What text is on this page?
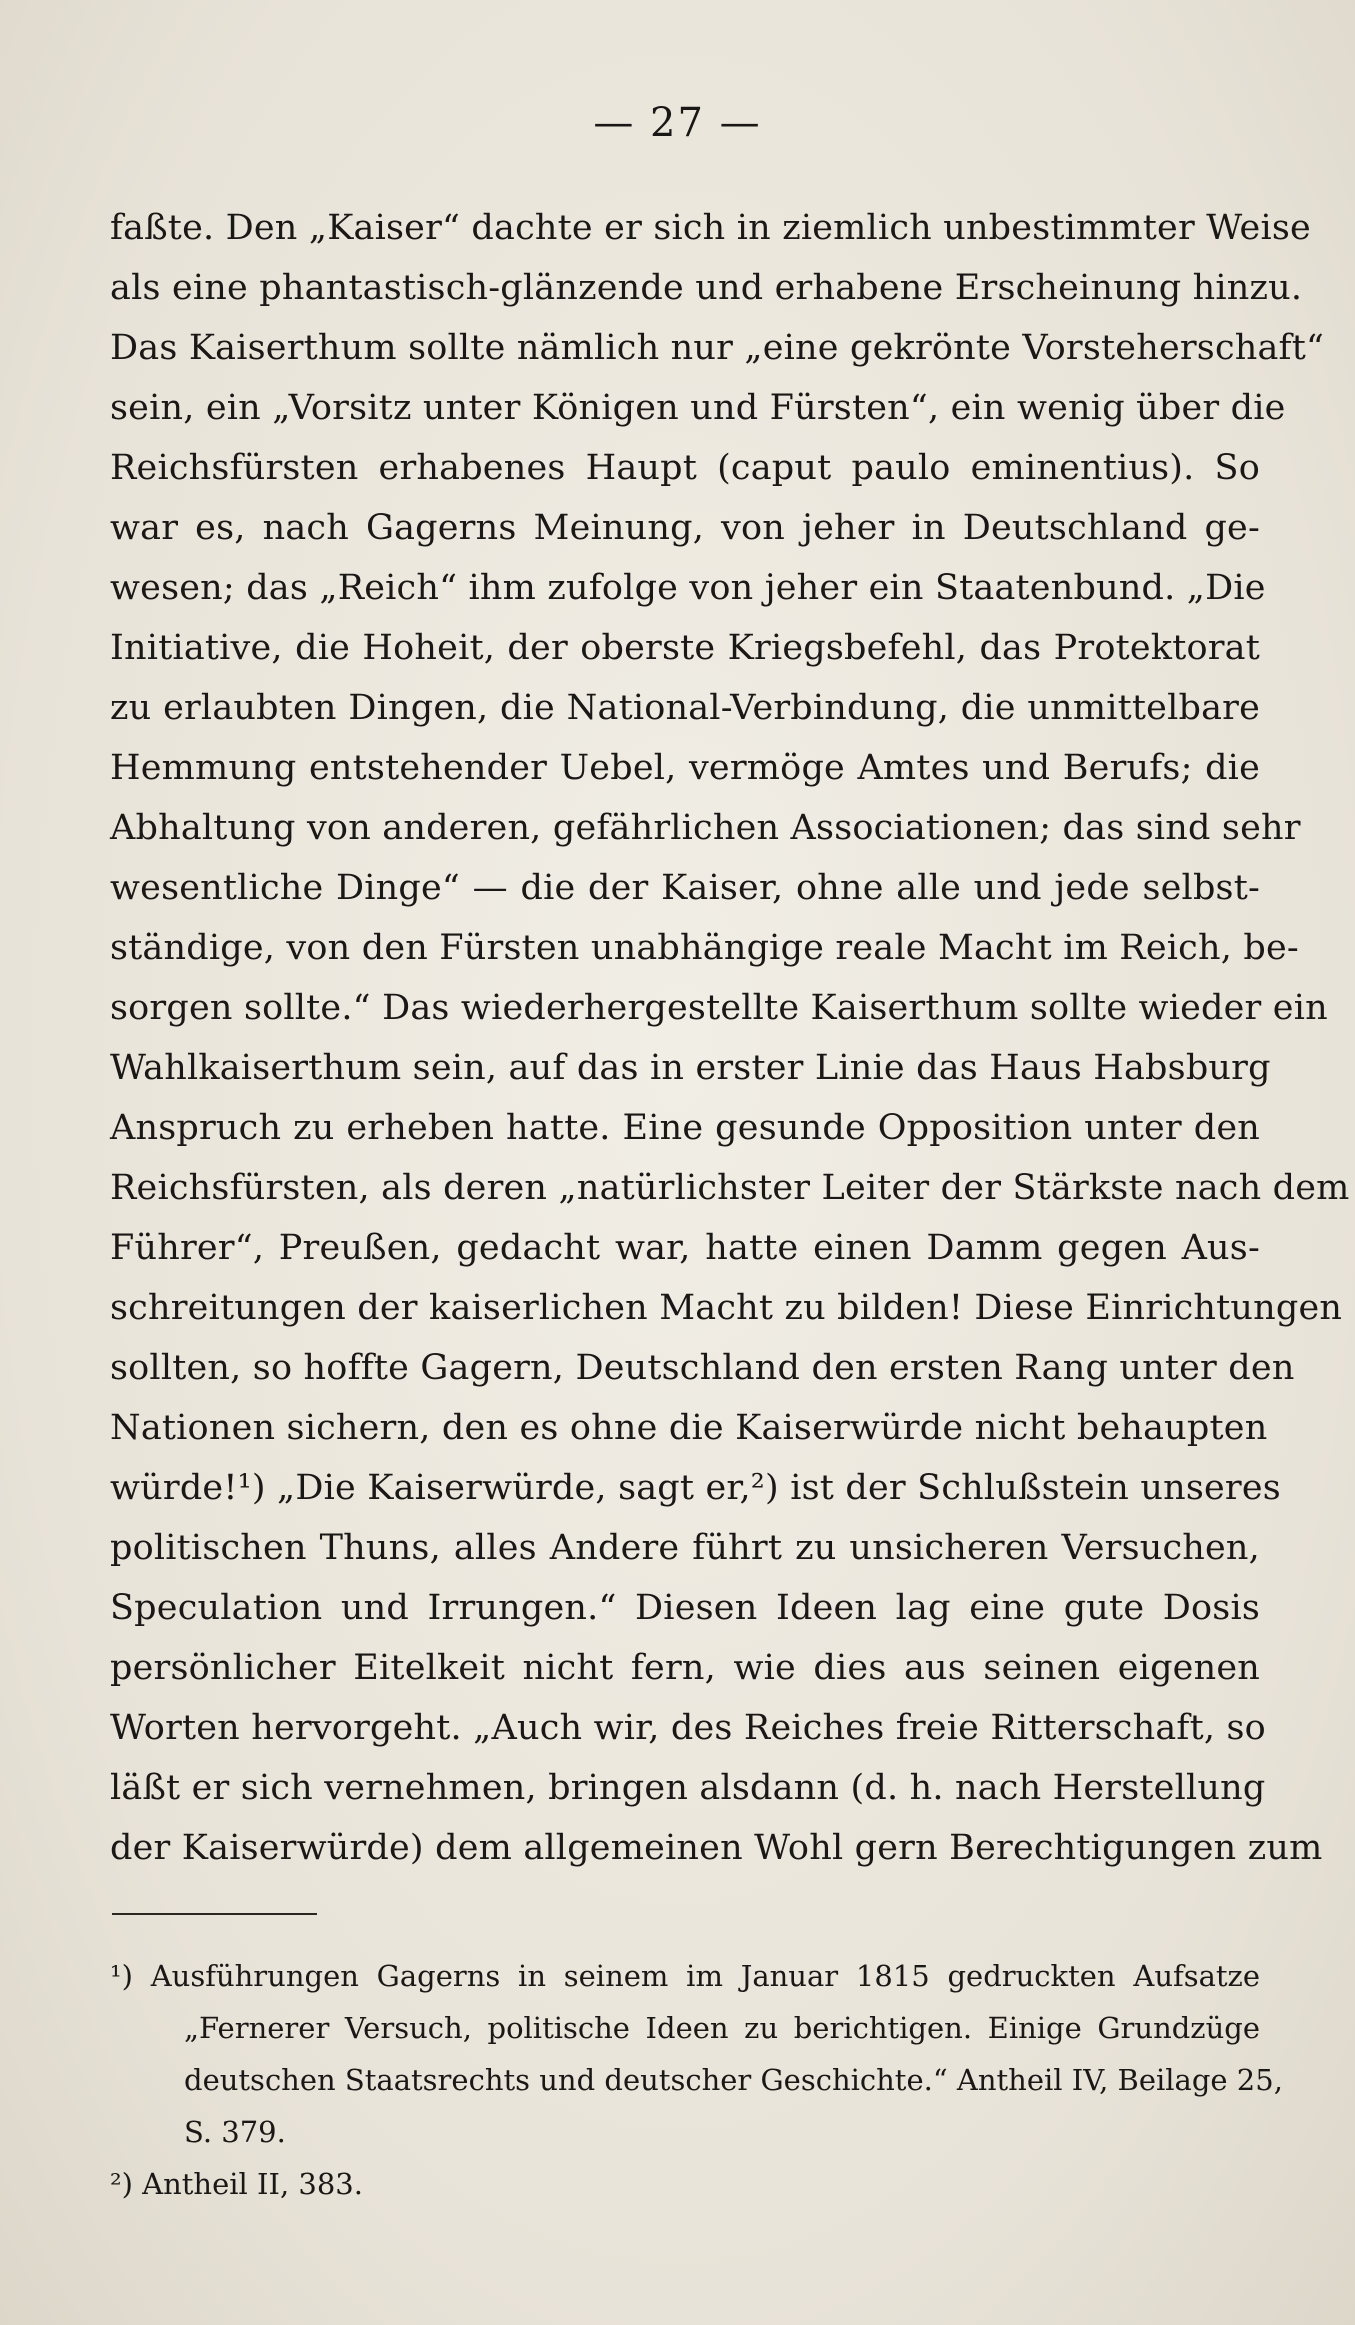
— 27 —
faßte. Den „Kaiser“ dachte er sich in ziemlich unbestimmter Weise
als eine phantastisch-glänzende und erhabene Erscheinung hinzu.
Das Kaiserthum sollte nämlich nur „eine gekrönte Vorsteherschaft“
sein, ein „Vorsitz unter Königen und Fürsten“, ein wenig über die
Reichsfürsten erhabenes Haupt (caput paulo eminentius). So
war es, nach Gagerns Meinung, von jeher in Deutschland ge-
wesen; das „Reich“ ihm zufolge von jeher ein Staatenbund. „Die
Initiative, die Hoheit, der oberste Kriegsbefehl, das Protektorat
zu erlaubten Dingen, die National-Verbindung, die unmittelbare
Hemmung entstehender Uebel, vermöge Amtes und Berufs; die
Abhaltung von anderen, gefährlichen Associationen; das sind sehr
wesentliche Dinge“ — die der Kaiser, ohne alle und jede selbst-
ständige, von den Fürsten unabhängige reale Macht im Reich, be-
sorgen sollte.“ Das wiederhergestellte Kaiserthum sollte wieder ein
Wahlkaiserthum sein, auf das in erster Linie das Haus Habsburg
Anspruch zu erheben hatte. Eine gesunde Opposition unter den
Reichsfürsten, als deren „natürlichster Leiter der Stärkste nach dem
Führer“, Preußen, gedacht war, hatte einen Damm gegen Aus-
schreitungen der kaiserlichen Macht zu bilden! Diese Einrichtungen
sollten, so hoffte Gagern, Deutschland den ersten Rang unter den
Nationen sichern, den es ohne die Kaiserwürde nicht behaupten
würde!¹) „Die Kaiserwürde, sagt er,²) ist der Schlußstein unseres
politischen Thuns, alles Andere führt zu unsicheren Versuchen,
Speculation und Irrungen.“ Diesen Ideen lag eine gute Dosis
persönlicher Eitelkeit nicht fern, wie dies aus seinen eigenen
Worten hervorgeht. „Auch wir, des Reiches freie Ritterschaft, so
läßt er sich vernehmen, bringen alsdann (d. h. nach Herstellung
der Kaiserwürde) dem allgemeinen Wohl gern Berechtigungen zum
¹) Ausführungen Gagerns in seinem im Januar 1815 gedruckten Aufsatze
„Fernerer Versuch, politische Ideen zu berichtigen. Einige Grundzüge
deutschen Staatsrechts und deutscher Geschichte.“ Antheil IV, Beilage 25,
S. 379.
²) Antheil II, 383.
